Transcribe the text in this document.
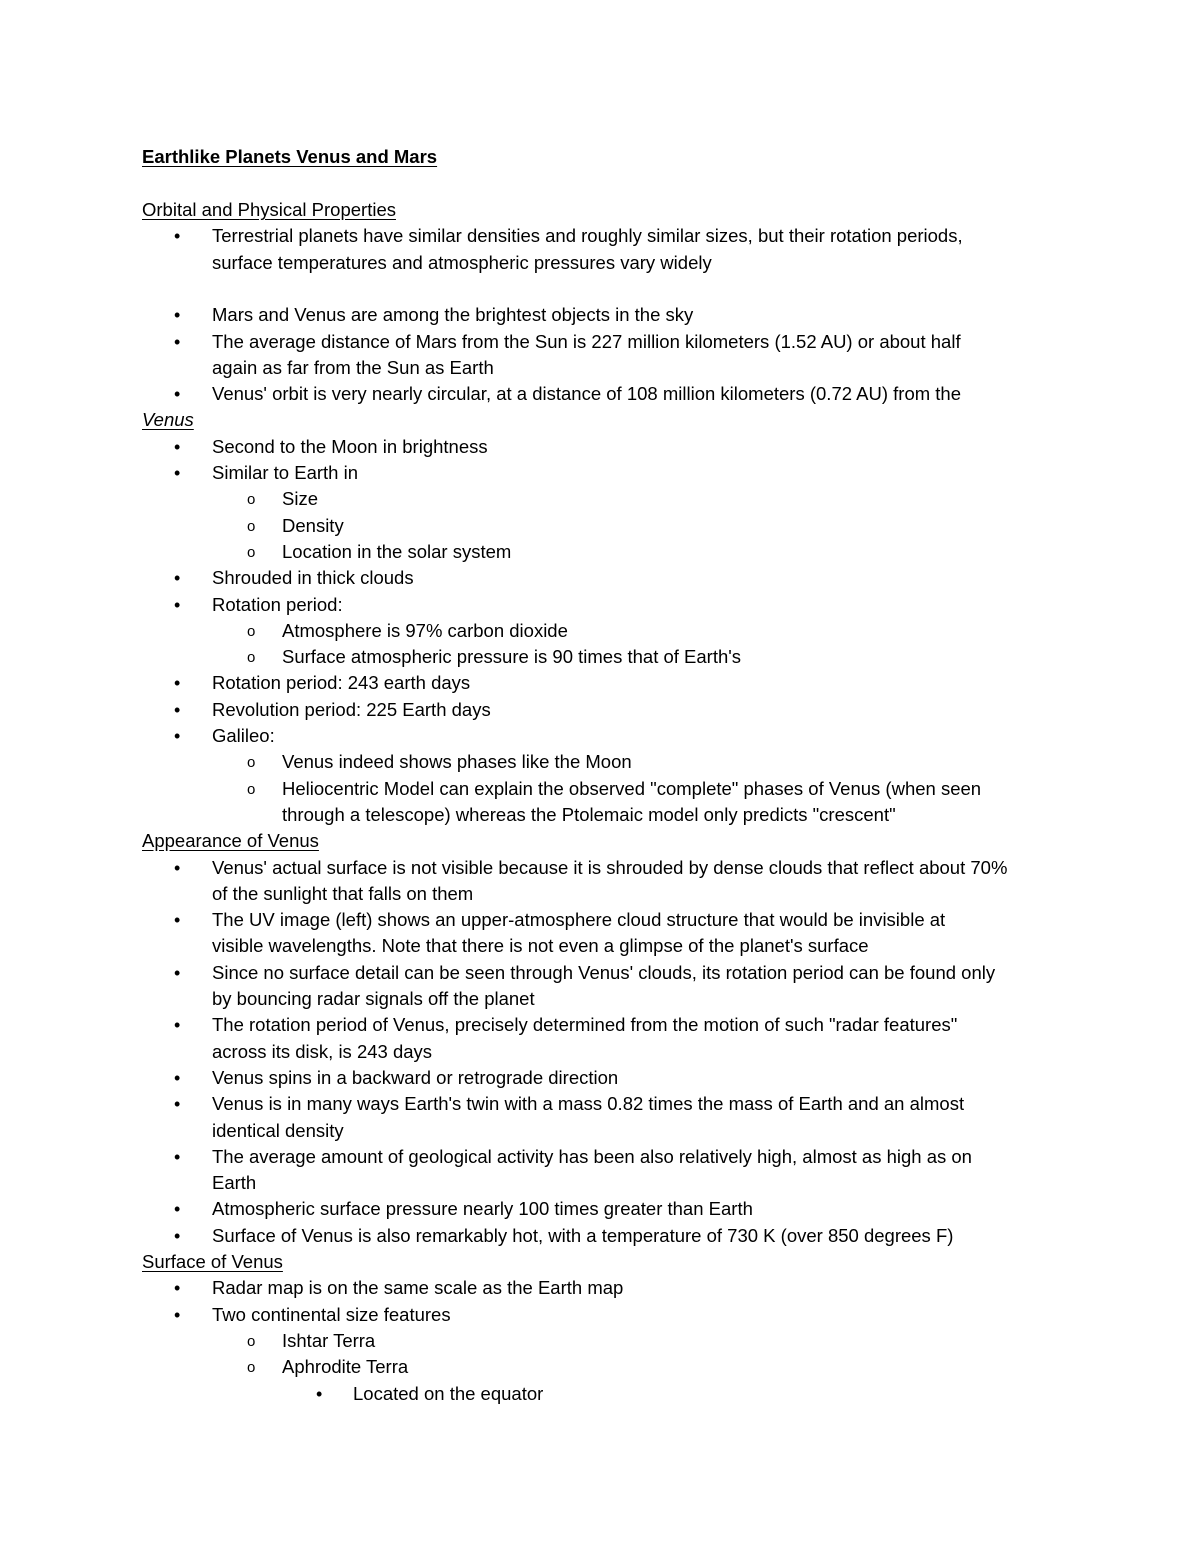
Earthlike Planets Venus and Mars
Orbital and Physical Properties
• Terrestrial planets have similar densities and roughly similar sizes, but their rotation periods,
surface temperatures and atmospheric pressures vary widely
• Mars and Venus are among the brightest objects in the sky
• The average distance of Mars from the Sun is 227 million kilometers (1.52 AU) or about half
again as far from the Sun as Earth
• Venus' orbit is very nearly circular, at a distance of 108 million kilometers (0.72 AU) from the
Venus
• Second to the Moon in brightness
• Similar to Earth in
o Size
o Density
o Location in the solar system
• Shrouded in thick clouds
• Rotation period:
o Atmosphere is 97% carbon dioxide
o Surface atmospheric pressure is 90 times that of Earth's
• Rotation period: 243 earth days
• Revolution period: 225 Earth days
• Galileo:
o Venus indeed shows phases like the Moon
o Heliocentric Model can explain the observed "complete" phases of Venus (when seen
through a telescope) whereas the Ptolemaic model only predicts "crescent"
Appearance of Venus
• Venus' actual surface is not visible because it is shrouded by dense clouds that reflect about 70%
of the sunlight that falls on them
• The UV image (left) shows an upper-atmosphere cloud structure that would be invisible at
visible wavelengths. Note that there is not even a glimpse of the planet's surface
• Since no surface detail can be seen through Venus' clouds, its rotation period can be found only
by bouncing radar signals off the planet
• The rotation period of Venus, precisely determined from the motion of such "radar features"
across its disk, is 243 days
• Venus spins in a backward or retrograde direction
• Venus is in many ways Earth's twin with a mass 0.82 times the mass of Earth and an almost
identical density
• The average amount of geological activity has been also relatively high, almost as high as on
Earth
• Atmospheric surface pressure nearly 100 times greater than Earth
• Surface of Venus is also remarkably hot, with a temperature of 730 K (over 850 degrees F)
Surface of Venus
• Radar map is on the same scale as the Earth map
• Two continental size features
o Ishtar Terra
o Aphrodite Terra
• Located on the equator
